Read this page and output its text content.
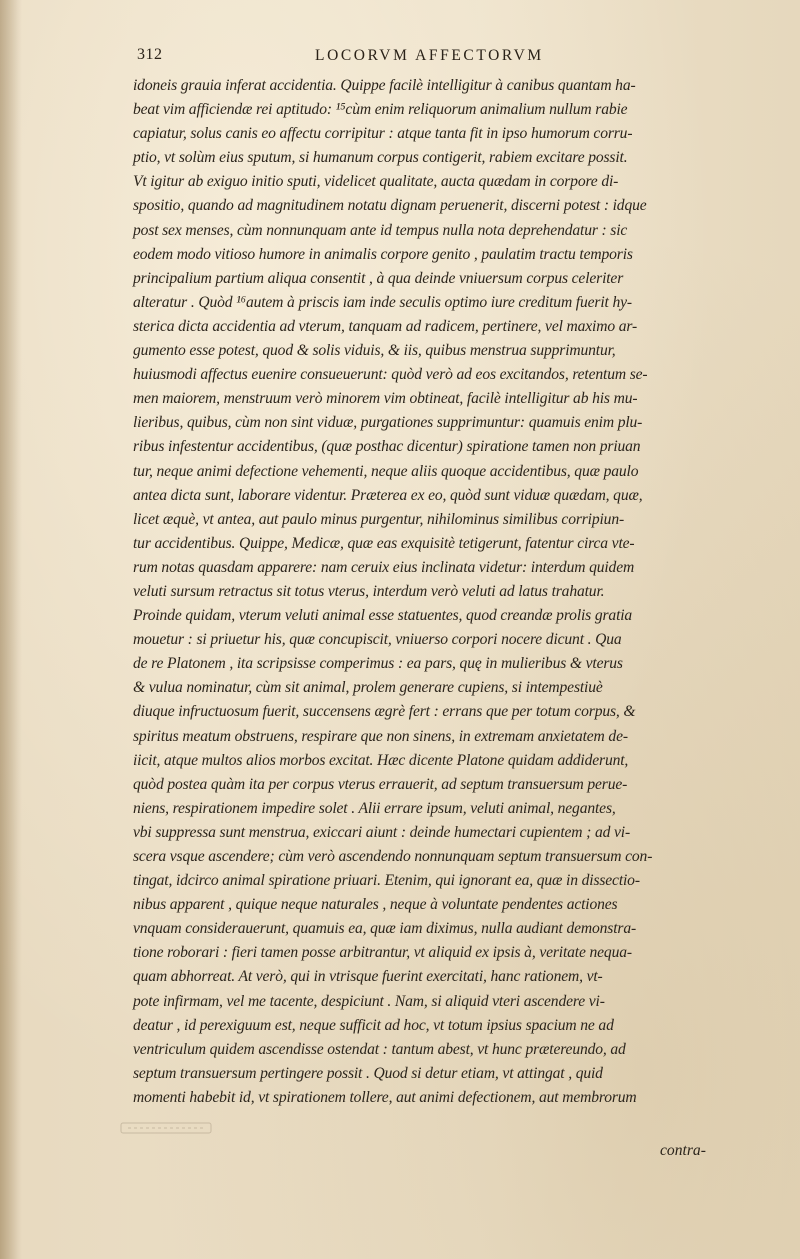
312	LOCORVM AFFECTORVM
idoneis grauia inferat accidentia. Quippe facilè intelligitur à canibus quantam ha-
beat vim afficiendæ rei aptitudo: ¹⁵cùm enim reliquorum animalium nullum rabie
capiatur, solus canis eo affectu corripitur : atque tanta fit in ipso humorum corru-
ptio, vt solùm eius sputum, si humanum corpus contigerit, rabiem excitare possit.
Vt igitur ab exiguo initio sputi, videlicet qualitate, aucta quædam in corpore di-
spositio, quando ad magnitudinem notatu dignam peruenerit, discerni potest : idque
post sex menses, cùm nonnunquam ante id tempus nulla nota deprehendatur : sic
eodem modo vitioso humore in animalis corpore genito , paulatim tractu temporis
principalium partium aliqua consentit , à qua deinde vniuersum corpus celeriter
alteratur . Quòd ¹⁶autem à priscis iam inde seculis optimo iure creditum fuerit hy-
sterica dicta accidentia ad vterum, tanquam ad radicem, pertinere, vel maximo ar-
gumento esse potest, quod & solis viduis, & iis, quibus menstrua supprimuntur,
huiusmodi affectus euenire consueuerunt: quòd verò ad eos excitandos, retentum se-
men maiorem, menstruum verò minorem vim obtineat, facilè intelligitur ab his mu-
lieribus, quibus, cùm non sint viduæ, purgationes supprimuntur: quamuis enim plu-
ribus infestentur accidentibus, (quæ posthac dicentur) spiratione tamen non priuan
tur, neque animi defectione vehementi, neque aliis quoque accidentibus, quæ paulo
antea dicta sunt, laborare videntur. Præterea ex eo, quòd sunt viduæ quædam, quæ,
licet æquè, vt antea, aut paulo minus purgentur, nihilominus similibus corripiun-
tur accidentibus. Quippe, Medicæ, quæ eas exquisitè tetigerunt, fatentur circa vte-
rum notas quasdam apparere: nam ceruix eius inclinata videtur: interdum quidem
veluti sursum retractus sit totus vterus, interdum verò veluti ad latus trahatur.
Proinde quidam, vterum veluti animal esse statuentes, quod creandæ prolis gratia
mouetur : si priuetur his, quæ concupiscit, vniuerso corpori nocere dicunt . Qua
de re Platonem , ita scripsisse comperimus : ea pars, quę in mulieribus & vterus
& vulua nominatur, cùm sit animal, prolem generare cupiens, si intempestiuè
diuque infructuosum fuerit, succensens ægrè fert : errans que per totum corpus, &
spiritus meatum obstruens, respirare que non sinens, in extremam anxietatem de-
iicit, atque multos alios morbos excitat. Hæc dicente Platone quidam addiderunt,
quòd postea quàm ita per corpus vterus errauerit, ad septum transuersum perue-
niens, respirationem impedire solet . Alii errare ipsum, veluti animal, negantes,
vbi suppressa sunt menstrua, exiccari aiunt : deinde humectari cupientem ; ad vi-
scera vsque ascendere; cùm verò ascendendo nonnunquam septum transuersum con-
tingat, idcirco animal spiratione priuari. Etenim, qui ignorant ea, quæ in dissectio-
nibus apparent , quique neque naturales , neque à voluntate pendentes actiones
vnquam considerauerunt, quamuis ea, quæ iam diximus, nulla audiant demonstra-
tione roborari : fieri tamen posse arbitrantur, vt aliquid ex ipsis à, veritate nequa-
quam abhorreat. At verò, qui in vtrisque fuerint exercitati, hanc rationem, vt-
pote infirmam, vel me tacente, despiciunt . Nam, si aliquid vteri ascendere vi-
deatur , id perexiguum est, neque sufficit ad hoc, vt totum ipsius spacium ne ad
ventriculum quidem ascendisse ostendat : tantum abest, vt hunc prætereundo, ad
septum transuersum pertingere possit . Quod si detur etiam, vt attingat , quid
momenti habebit id, vt spirationem tollere, aut animi defectionem, aut membrorum
contra-
